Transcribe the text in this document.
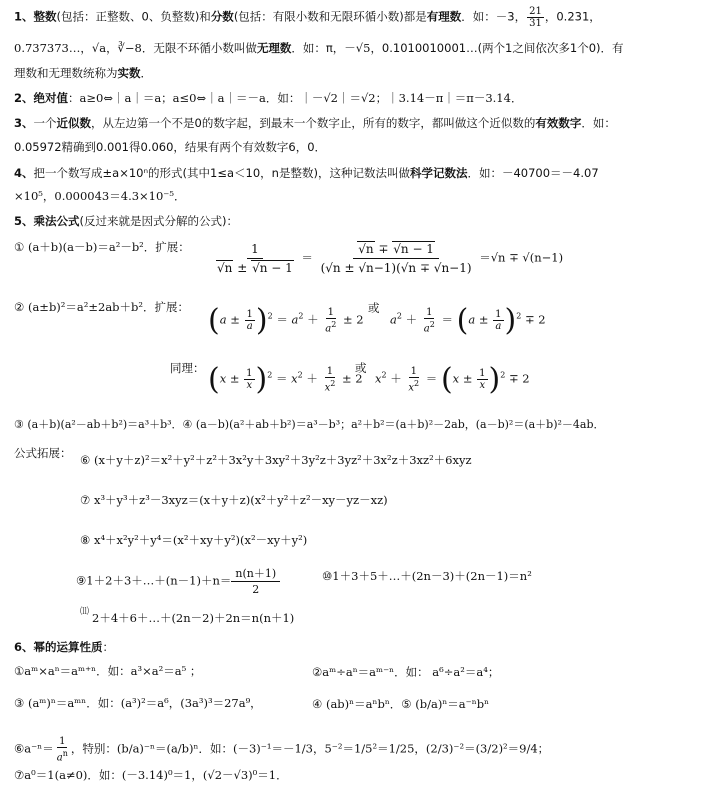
1、整数(包括：正整数、0、负整数)和分数(包括：有限小数和无限环循小数)都是有理数．如：－3， $\frac{21}{31}$ ，0.231，
0.737373…，√a，∛−8．无限不环循小数叫做无理数．如：π，－√5，0.1010010001…(两个1之间依次多1个0)．有
理数和无理数统称为实数．
2、绝对值：a≥0⇔｜a｜＝a；a≤0⇔｜a｜＝－a．如：｜－√2｜＝√2；｜3.14－π｜＝π－3.14．
3、一个近似数，从左边第一个不是0的数字起，到最末一个数字止，所有的数字，都叫做这个近似数的有效数字．如：
0.05972精确到0.001得0.060，结果有两个有效数字6，0．
4、把一个数写成±a×10ⁿ的形式(其中1≤a＜10，n是整数)，这种记数法叫做科学记数法．如：－40700＝－4.07
×10⁵，0.000043＝4.3×10⁻⁵．
5、乘法公式(反过来就是因式分解的公式)：
① (a＋b)(a－b)＝a²－b²．扩展： $\frac{1}{√n \pm √n - 1} = \frac{√n \mp √n - 1}{(√n \pm √n-1)(√n \mp √n-1)} =√n \mp √(n-1)$
② (a±b)²＝a²±2ab＋b²．扩展： $(a \pm \frac{1}{a} )^2 = a^2 + \frac{1}{a^2} \pm 2$
或
$a^2 + \frac{1}{a^2} = (a \pm \frac{1}{a} )^2 \mp 2$
同理： $(x \pm \frac{1}{x} )^2 = x^2 + \frac{1}{x^2} \pm 2$
或
$x^2 + \frac{1}{x^2} = (x \pm \frac{1}{x} )^2 \mp 2$
③ (a＋b)(a²－ab＋b²)＝a³＋b³．④ (a－b)(a²＋ab＋b²)＝a³－b³；a²＋b²＝(a＋b)²－2ab，(a－b)²＝(a＋b)²－4ab．
公式拓展： ⑥ (x＋y＋z)²＝x²＋y²＋z²＋3x²y＋3xy²＋3y²z＋3yz²＋3x²z＋3xz²＋6xyz
⑦ x³＋y³＋z³－3xyz＝(x＋y＋z)(x²＋y²＋z²－xy－yz－xz)
⑧ x⁴＋x²y²＋y⁴＝(x²＋xy＋y²)(x²－xy＋y²)
⑨1＋2＋3＋…＋(n－1)＋n＝ $\frac{n(n+1)}{2}$	⑩1＋3＋5＋…＋(2n－3)＋(2n－1)＝n²
⑾ 2＋4＋6＋…＋(2n－2)＋2n＝n(n＋1)
6、幂的运算性质：
①aᵐ×aⁿ＝aᵐ⁺ⁿ．如：a³×a²＝a⁵ ；	②aᵐ÷aⁿ＝aᵐ⁻ⁿ．如： a⁶÷a²＝a⁴；
③ (aᵐ)ⁿ＝aᵐⁿ．如：(a³)²＝a⁶，(3a³)³＝27a⁹，	④ (ab)ⁿ＝aⁿbⁿ．⑤ (b/a)ⁿ＝a⁻ⁿbⁿ
⑥a⁻ⁿ＝ $\frac{1}{a^n}$ ，特别：(b/a)⁻ⁿ＝(a/b)ⁿ．如：(－3)⁻¹＝－1/3，5⁻²＝1/5²＝1/25，(2/3)⁻²＝(3/2)²＝9/4；
⑦a⁰＝1(a≠0)．如：(－3.14)⁰＝1，(√2－√3)⁰＝1．
